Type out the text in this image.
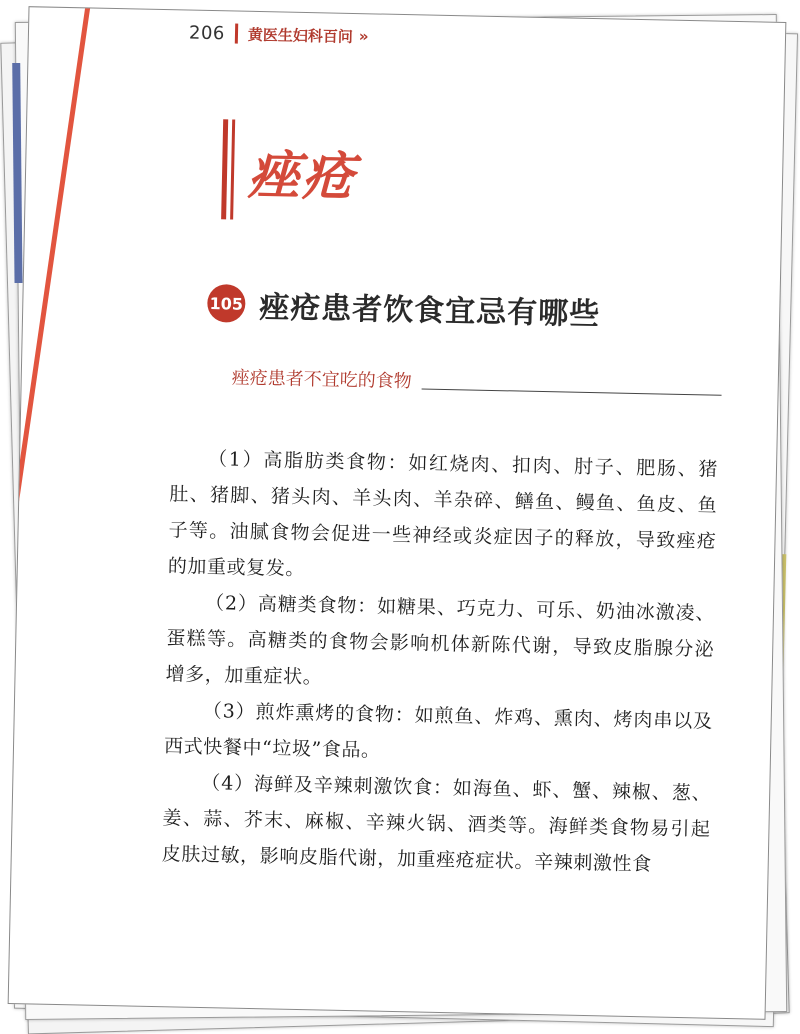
206 黄医生妇科百问 »
痤疮
105 痤疮患者饮食宜忌有哪些
痤疮患者不宜吃的食物

（1）高脂肪类食物：如红烧肉、扣肉、肘子、肥肠、猪肚、猪脚、猪头肉、羊头肉、羊杂碎、鳝鱼、鳗鱼、鱼皮、鱼子等。油腻食物会促进一些神经或炎症因子的释放，导致痤疮的加重或复发。

（2）高糖类食物：如糖果、巧克力、可乐、奶油冰激凌、蛋糕等。高糖类的食物会影响机体新陈代谢，导致皮脂腺分泌增多，加重症状。

（3）煎炸熏烤的食物：如煎鱼、炸鸡、熏肉、烤肉串以及西式快餐中“垃圾”食品。

（4）海鲜及辛辣刺激饮食：如海鱼、虾、蟹、辣椒、葱、姜、蒜、芥末、麻椒、辛辣火锅、酒类等。海鲜类食物易引起皮肤过敏，影响皮脂代谢，加重痤疮症状。辛辣刺激性食
